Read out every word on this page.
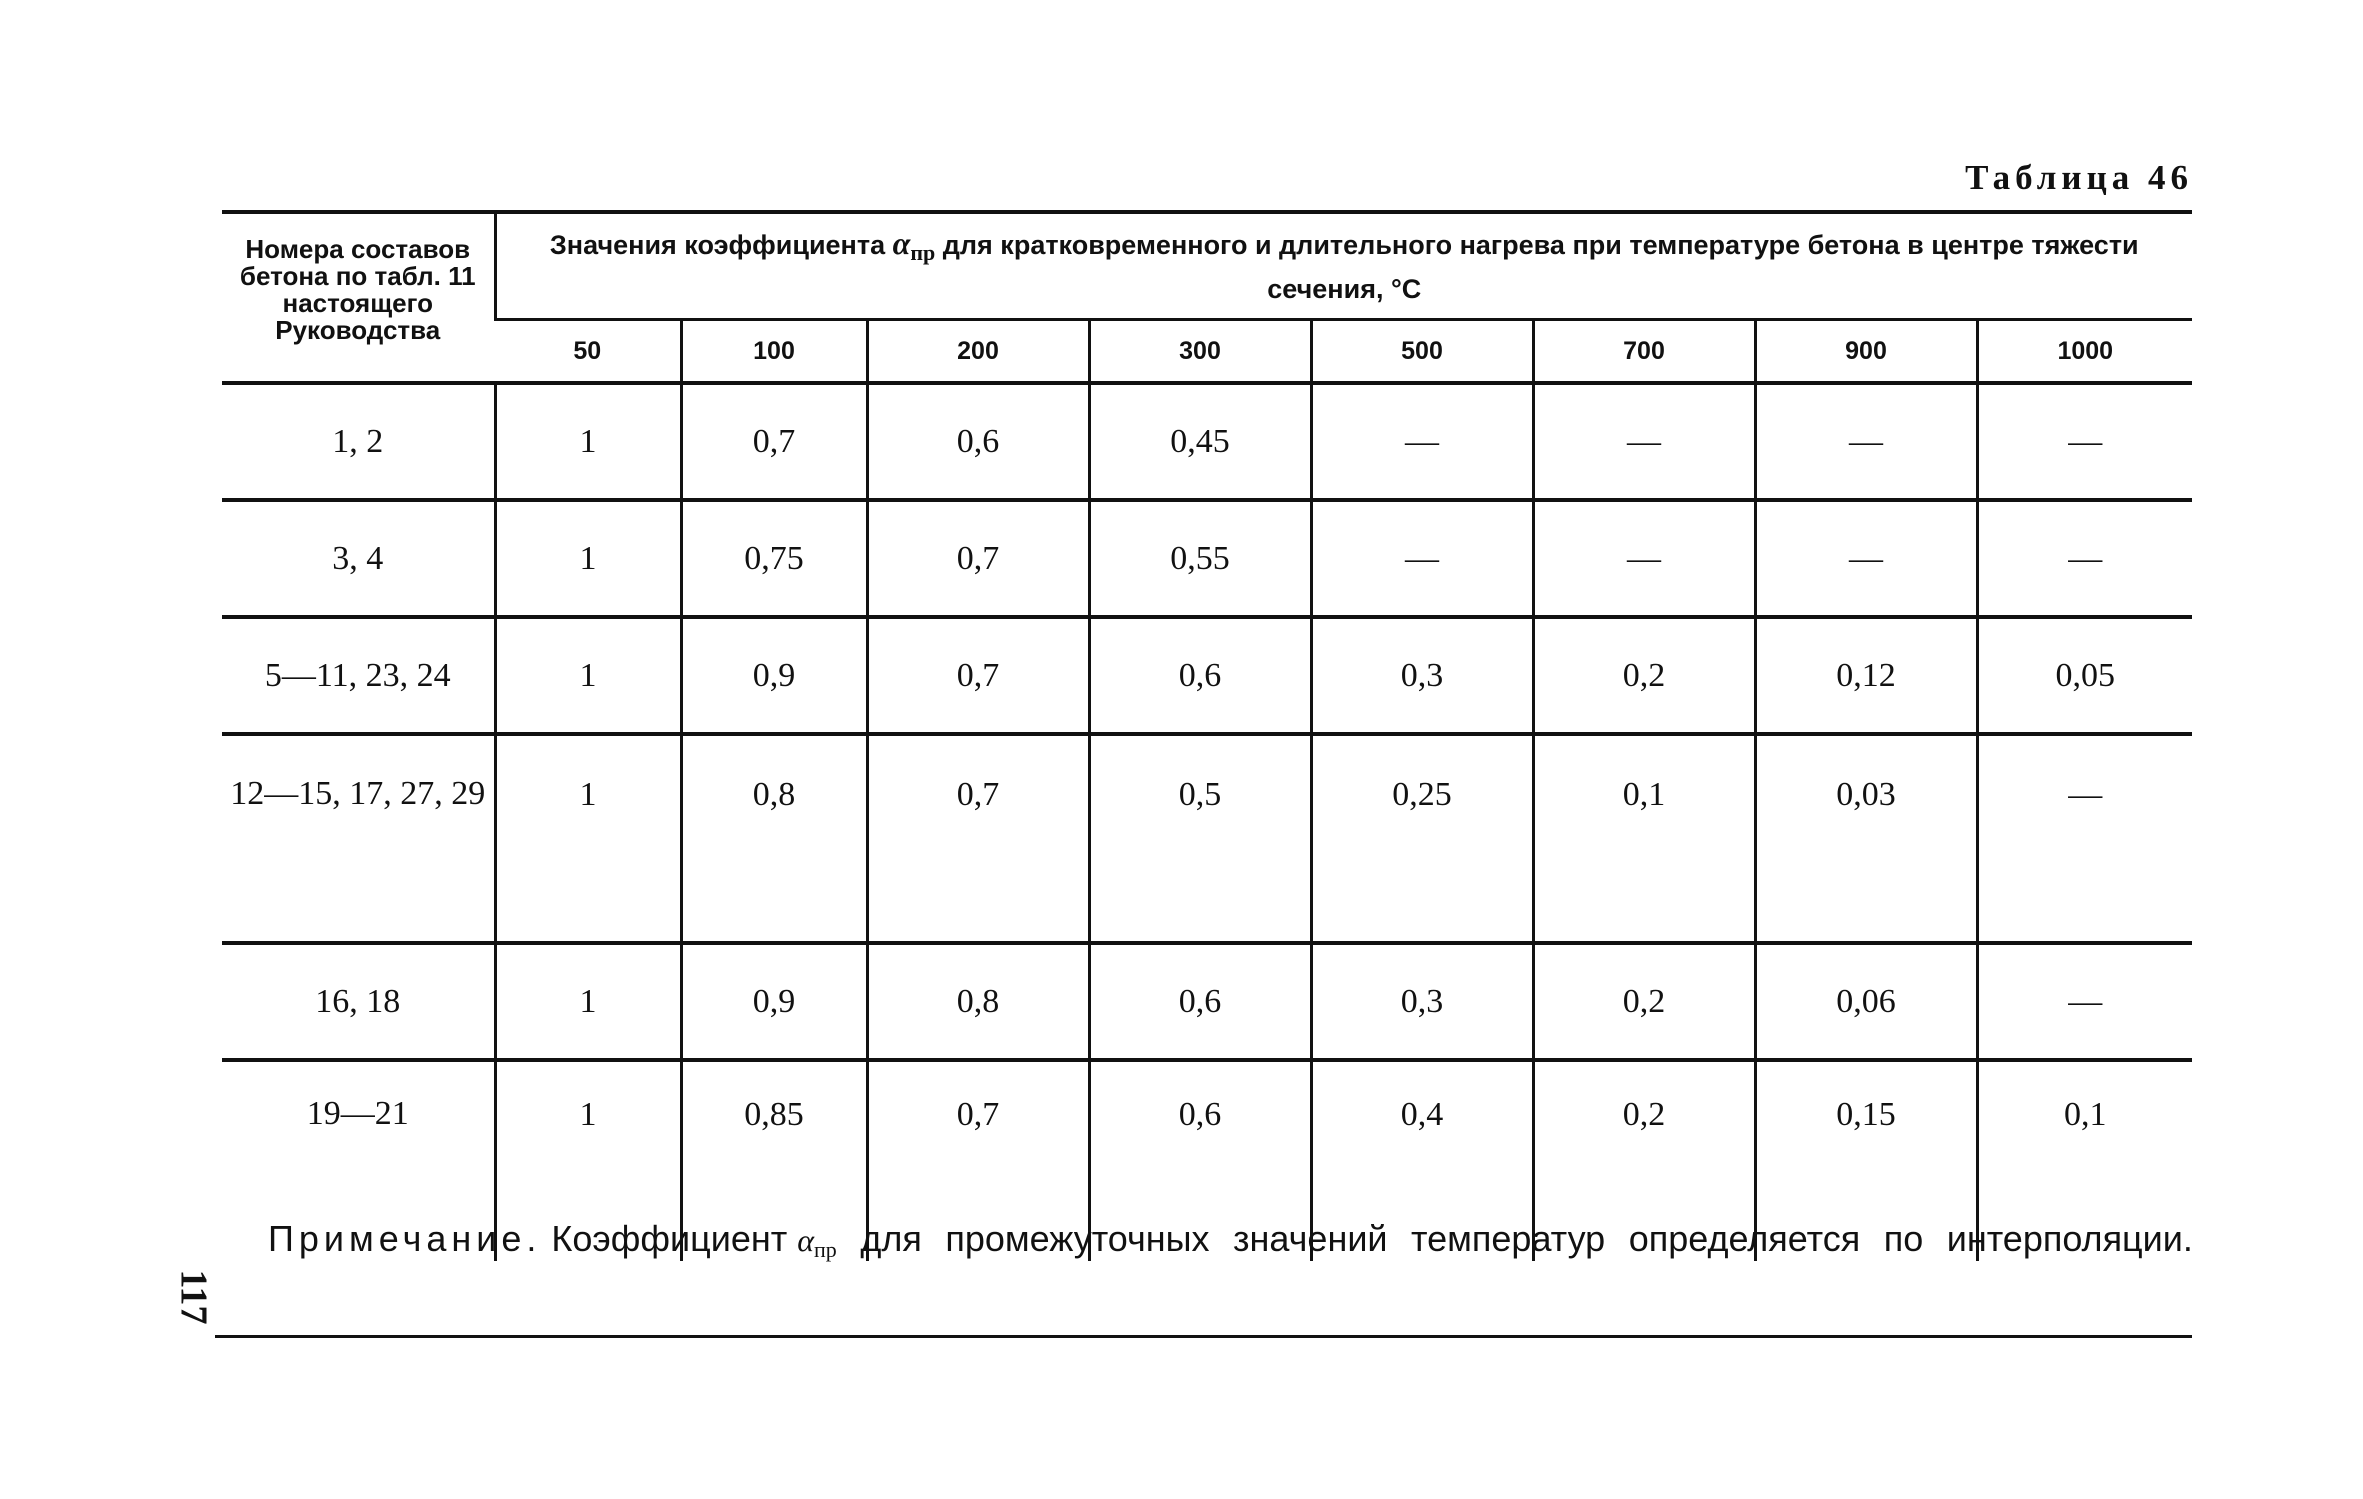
Таблица 46
Номера составов бетона по табл. 11 настоящего Руководства	Значения коэффициента αпр для кратковременного и длительного нагрева при температуре бетона в центре тяжести сечения, °С							
	50	100	200	300	500	700	900	1000
1, 2	1	0,7	0,6	0,45	—	—	—	—
3, 4	1	0,75	0,7	0,55	—	—	—	—
5—11, 23, 24	1	0,9	0,7	0,6	0,3	0,2	0,12	0,05
12—15, 17, 27, 29	1	0,8	0,7	0,5	0,25	0,1	0,03	—
16, 18	1	0,9	0,8	0,6	0,3	0,2	0,06	—
19—21	1	0,85	0,7	0,6	0,4	0,2	0,15	0,1
Примечание. Коэффициент αпр для промежуточных значений температур определяется по интерполяции.
117
